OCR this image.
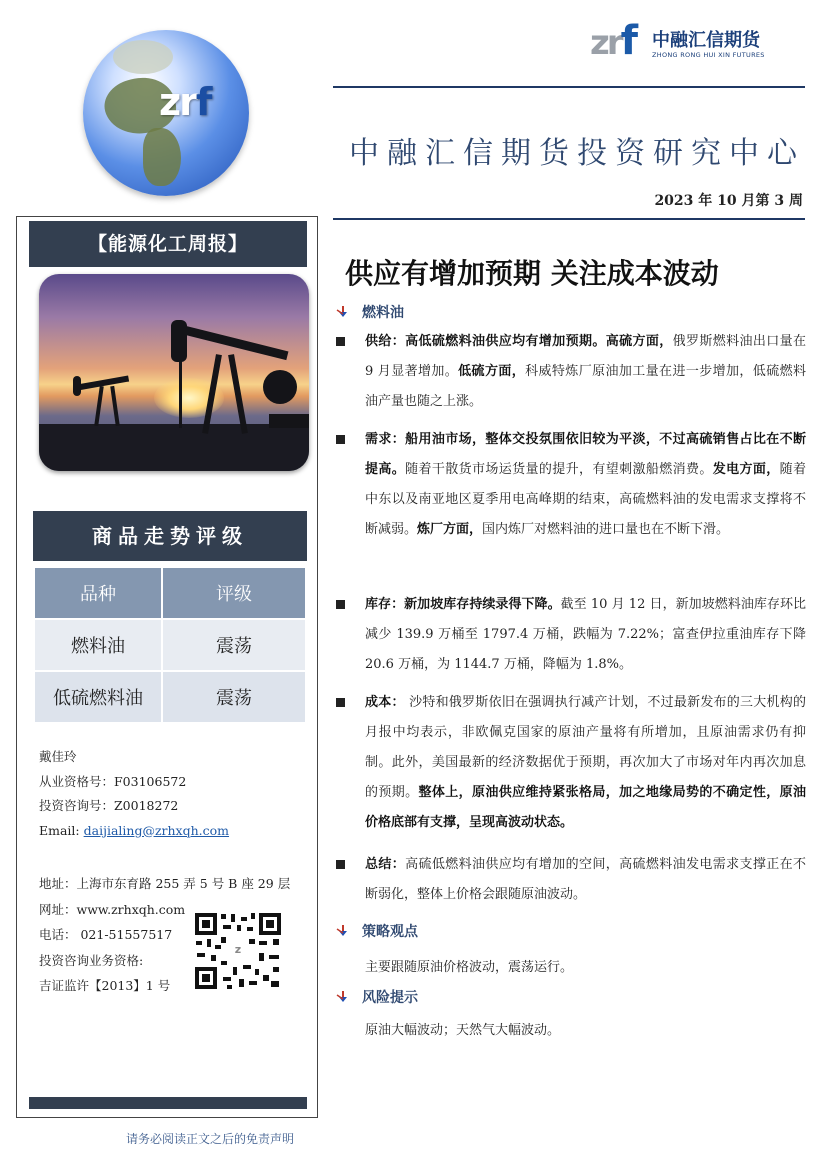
zrf
zrf 中融汇信期货
ZHONG RONG HUI XIN FUTURES
中融汇信期货投资研究中心
2023 年 10 月第 3 周
【能源化工周报】
商品走势评级
品种	评级
燃料油	震荡
低硫燃料油	震荡
戴佳玲
从业资格号：F03106572
投资咨询号：Z0018272
Email: daijialing@zrhxqh.com
地址：上海市东育路 255 弄 5 号 B 座 29 层
网址：www.zrhxqh.com
电话： 021-51557517
投资咨询业务资格:
吉证监许【2013】1 号
z
请务必阅读正文之后的免责声明
供应有增加预期 关注成本波动
燃料油
供给：高低硫燃料油供应均有增加预期。高硫方面，俄罗斯燃料油出口量在 9 月显著增加。低硫方面，科威特炼厂原油加工量在进一步增加，低硫燃料油产量也随之上涨。
需求：船用油市场，整体交投氛围依旧较为平淡，不过高硫销售占比在不断提高。随着干散货市场运货量的提升，有望刺激船燃消费。发电方面，随着中东以及南亚地区夏季用电高峰期的结束，高硫燃料油的发电需求支撑将不断减弱。炼厂方面，国内炼厂对燃料油的进口量也在不断下滑。
库存：新加坡库存持续录得下降。截至 10 月 12 日，新加坡燃料油库存环比减少 139.9 万桶至 1797.4 万桶，跌幅为 7.22%；富查伊拉重油库存下降 20.6 万桶，为 1144.7 万桶，降幅为 1.8%。
成本： 沙特和俄罗斯依旧在强调执行减产计划，不过最新发布的三大机构的月报中均表示，非欧佩克国家的原油产量将有所增加，且原油需求仍有抑制。此外，美国最新的经济数据优于预期，再次加大了市场对年内再次加息的预期。整体上，原油供应维持紧张格局，加之地缘局势的不确定性，原油价格底部有支撑，呈现高波动状态。
总结：高硫低燃料油供应均有增加的空间，高硫燃料油发电需求支撑正在不断弱化，整体上价格会跟随原油波动。
策略观点
主要跟随原油价格波动，震荡运行。
风险提示
原油大幅波动；天然气大幅波动。
